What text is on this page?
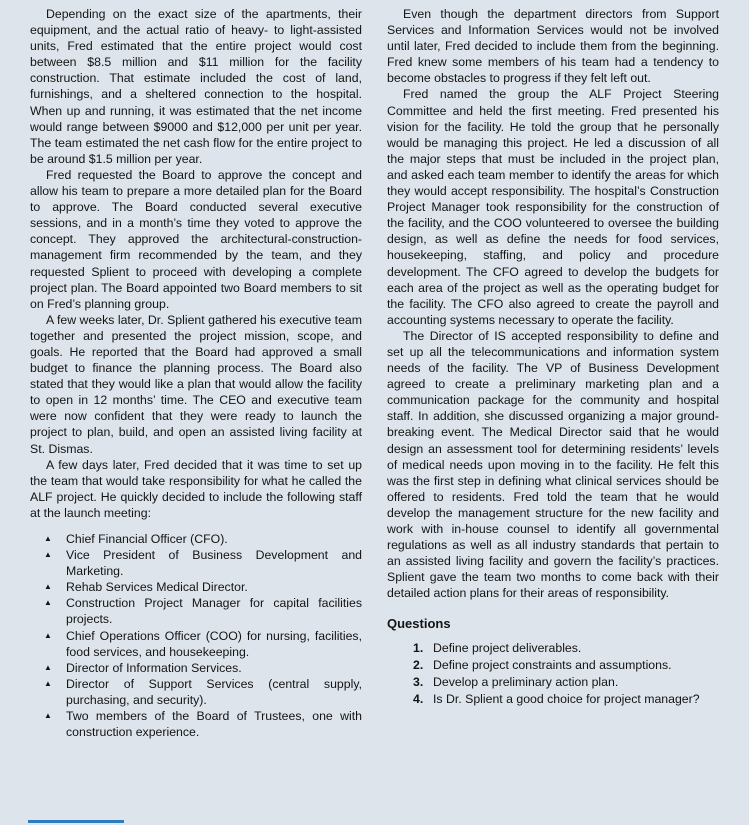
Depending on the exact size of the apartments, their equipment, and the actual ratio of heavy- to light-assisted units, Fred estimated that the entire project would cost between $8.5 million and $11 million for the facility construction. That estimate included the cost of land, furnishings, and a sheltered connection to the hospital. When up and running, it was estimated that the net income would range between $9000 and $12,000 per unit per year. The team estimated the net cash flow for the entire project to be around $1.5 million per year.

Fred requested the Board to approve the concept and allow his team to prepare a more detailed plan for the Board to approve. The Board conducted several executive sessions, and in a month’s time they voted to approve the concept. They approved the architectural-construction-management firm recommended by the team, and they requested Splient to proceed with developing a complete project plan. The Board appointed two Board members to sit on Fred’s planning group.

A few weeks later, Dr. Splient gathered his executive team together and presented the project mission, scope, and goals. He reported that the Board had approved a small budget to finance the planning process. The Board also stated that they would like a plan that would allow the facility to open in 12 months’ time. The CEO and executive team were now confident that they were ready to launch the project to plan, build, and open an assisted living facility at St. Dismas.

A few days later, Fred decided that it was time to set up the team that would take responsibility for what he called the ALF project. He quickly decided to include the following staff at the launch meeting:

▲	Chief Financial Officer (CFO).
▲	Vice President of Business Development and Marketing.
▲	Rehab Services Medical Director.
▲	Construction Project Manager for capital facilities projects.
▲	Chief Operations Officer (COO) for nursing, facilities, food services, and housekeeping.
▲	Director of Information Services.
▲	Director of Support Services (central supply, purchasing, and security).
▲	Two members of the Board of Trustees, one with construction experience.

Even though the department directors from Support Services and Information Services would not be involved until later, Fred decided to include them from the beginning. Fred knew some members of his team had a tendency to become obstacles to progress if they felt left out.

Fred named the group the ALF Project Steering Committee and held the first meeting. Fred presented his vision for the facility. He told the group that he personally would be managing this project. He led a discussion of all the major steps that must be included in the project plan, and asked each team member to identify the areas for which they would accept responsibility. The hospital’s Construction Project Manager took responsibility for the construction of the facility, and the COO volunteered to oversee the building design, as well as define the needs for food services, housekeeping, staffing, and policy and procedure development. The CFO agreed to develop the budgets for each area of the project as well as the operating budget for the facility. The CFO also agreed to create the payroll and accounting systems necessary to operate the facility.

The Director of IS accepted responsibility to define and set up all the telecommunications and information system needs of the facility. The VP of Business Development agreed to create a preliminary marketing plan and a communication package for the community and hospital staff. In addition, she discussed organizing a major ground-breaking event. The Medical Director said that he would design an assessment tool for determining residents’ levels of medical needs upon moving in to the facility. He felt this was the first step in defining what clinical services should be offered to residents. Fred told the team that he would develop the management structure for the new facility and work with in-house counsel to identify all governmental regulations as well as all industry standards that pertain to an assisted living facility and govern the facility’s practices. Splient gave the team two months to come back with their detailed action plans for their areas of responsibility.

Questions
1. Define project deliverables.
2. Define project constraints and assumptions.
3. Develop a preliminary action plan.
4. Is Dr. Splient a good choice for project manager?
